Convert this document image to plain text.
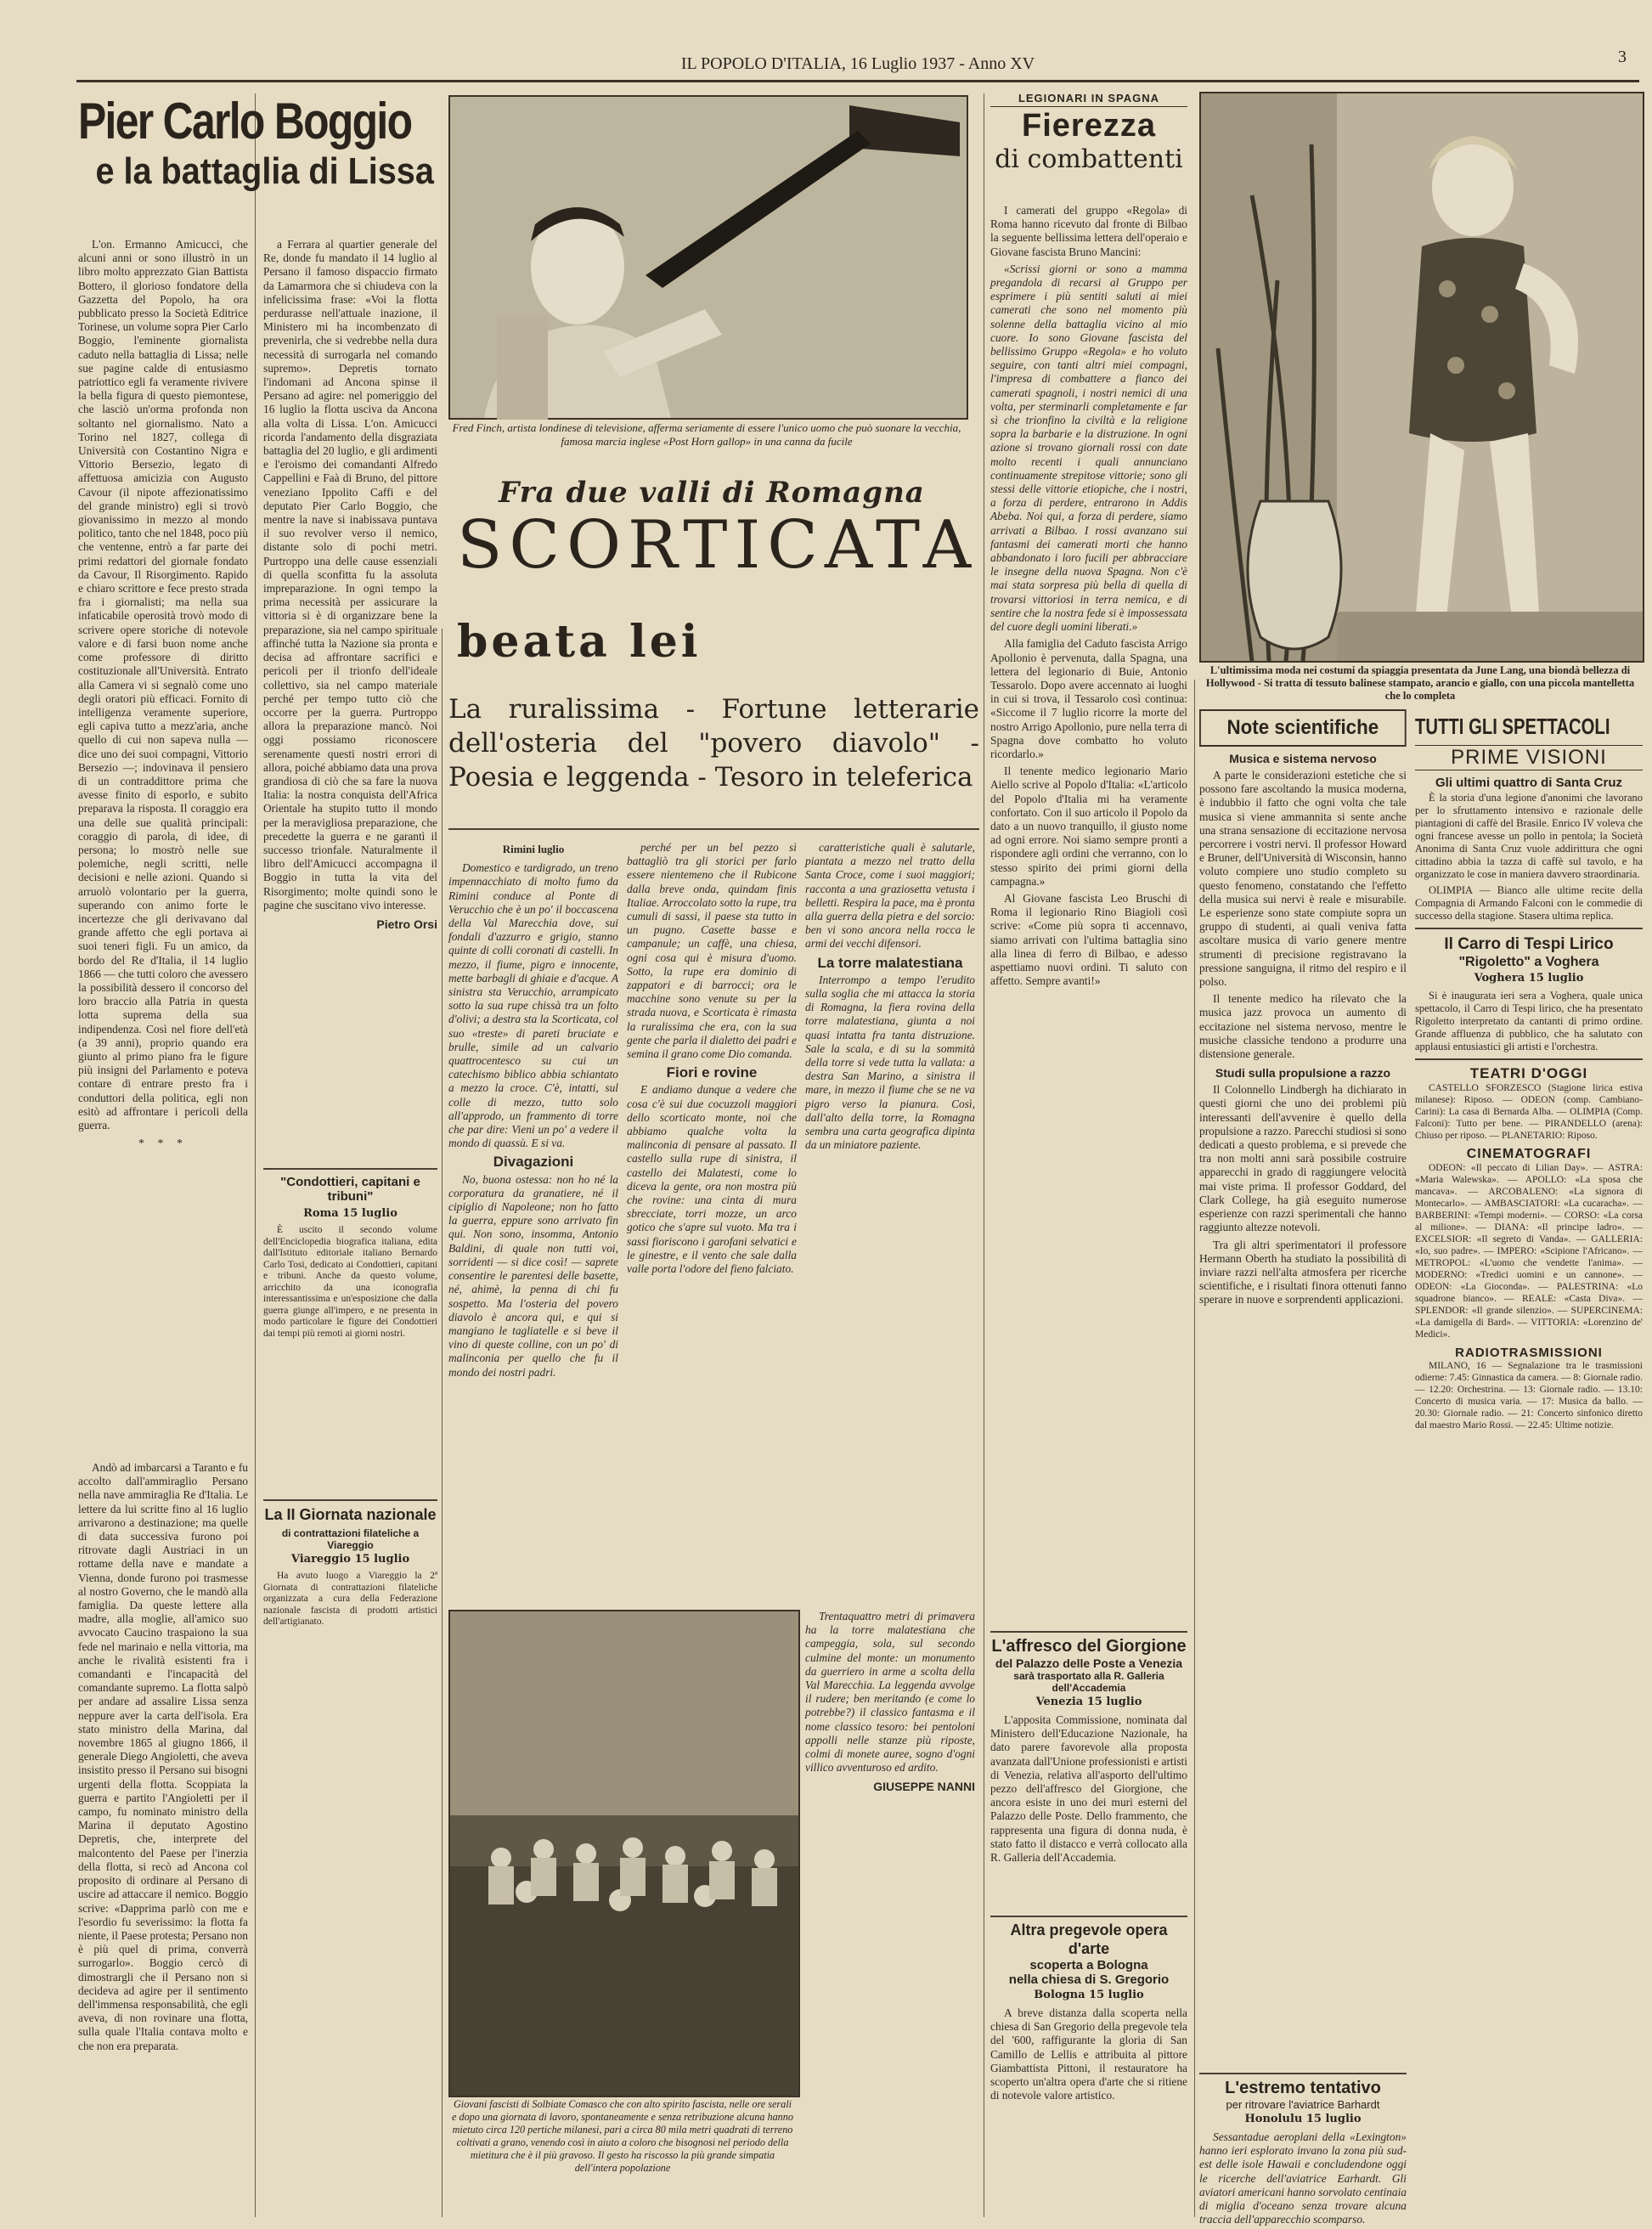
IL POPOLO D'ITALIA, 16 Luglio 1937 - Anno XV	3
Pier Carlo Boggio
e la battaglia di Lissa

L'on. Ermanno Amicucci, che alcuni anni or sono illustrò in un libro molto apprezzato Gian Battista Bottero, il glorioso fondatore della Gazzetta del Popolo, ha ora pubblicato presso la Società Editrice Torinese, un volume sopra Pier Carlo Boggio, l'eminente giornalista caduto nella battaglia di Lissa; nelle sue pagine calde di entusiasmo patriottico egli fa veramente rivivere la bella figura di questo piemontese, che lasciò un'orma profonda non soltanto nel giornalismo. Nato a Torino nel 1827, collega di Università con Costantino Nigra e Vittorio Bersezio, legato di affettuosa amicizia con Augusto Cavour (il nipote affezionatissimo del grande ministro) egli si trovò giovanissimo in mezzo al mondo politico, tanto che nel 1848, poco più che ventenne, entrò a far parte dei primi redattori del giornale fondato da Cavour, Il Risorgimento. Rapido e chiaro scrittore e fece presto strada fra i giornalisti; ma nella sua infaticabile operosità trovò modo di scrivere opere storiche di notevole valore e di farsi buon nome anche come professore di diritto costituzionale all'Università. Entrato alla Camera vi si segnalò come uno degli oratori più efficaci. Fornito di intelligenza veramente superiore, egli capiva tutto a mezz'aria, anche quello di cui non sapeva nulla — dice uno dei suoi compagni, Vittorio Bersezio —; indovinava il pensiero di un contraddittore prima che avesse finito di esporlo, e subito preparava la risposta. Il coraggio era una delle sue qualità principali: coraggio di parola, di idee, di persona; lo mostrò nelle sue polemiche, negli scritti, nelle decisioni e nelle azioni. Quando si arruolò volontario per la guerra, superando con animo forte le incertezze che gli derivavano dal grande affetto che egli portava ai suoi teneri figli. Fu un amico, da bordo del Re d'Italia, il 14 luglio 1866 — che tutti coloro che avessero la possibilità dessero il concorso del loro braccio alla Patria in questa lotta suprema della sua indipendenza. Così nel fiore dell'età (a 39 anni), proprio quando era giunto al primo piano fra le figure più insigni del Parlamento e poteva contare di entrare presto fra i conduttori della politica, egli non esitò ad affrontare i pericoli della guerra.

* * *

Andò ad imbarcarsi a Taranto e fu accolto dall'ammiraglio Persano nella nave ammiraglia Re d'Italia. Le lettere da lui scritte fino al 16 luglio arrivarono a destinazione; ma quelle di data successiva furono poi ritrovate dagli Austriaci in un rottame della nave e mandate a Vienna, donde furono poi trasmesse al nostro Governo, che le mandò alla famiglia. Da queste lettere alla madre, alla moglie, all'amico suo avvocato Caucino traspaiono la sua fede nel marinaio e nella vittoria, ma anche le rivalità esistenti fra i comandanti e l'incapacità del comandante supremo. La flotta salpò per andare ad assalire Lissa senza neppure aver la carta dell'isola. Era stato ministro della Marina, dal novembre 1865 al giugno 1866, il generale Diego Angioletti, che aveva insistito presso il Persano sui bisogni urgenti della flotta. Scoppiata la guerra e partito l'Angioletti per il campo, fu nominato ministro della Marina il deputato Agostino Depretis, che, interprete del malcontento del Paese per l'inerzia della flotta, si recò ad Ancona col proposito di ordinare al Persano di uscire ad attaccare il nemico. Boggio scrive: «Dapprima parlò con me e l'esordio fu severissimo: la flotta fa niente, il Paese protesta; Persano non è più quel di prima, converrà surrogarlo». Boggio cercò di dimostrargli che il Persano non si decideva ad agire per il sentimento dell'immensa responsabilità, che egli aveva, di non rovinare una flotta, sulla quale l'Italia contava molto e che non era preparata.

a Ferrara al quartier generale del Re, donde fu mandato il 14 luglio al Persano il famoso dispaccio firmato da Lamarmora che si chiudeva con la infelicissima frase: «Voi la flotta perdurasse nell'attuale inazione, il Ministero mi ha incombenzato di prevenirla, che si vedrebbe nella dura necessità di surrogarla nel comando supremo». Depretis tornato l'indomani ad Ancona spinse il Persano ad agire: nel pomeriggio del 16 luglio la flotta usciva da Ancona alla volta di Lissa. L'on. Amicucci ricorda l'andamento della disgraziata battaglia del 20 luglio, e gli ardimenti e l'eroismo dei comandanti Alfredo Cappellini e Faà di Bruno, del pittore veneziano Ippolito Caffi e del deputato Pier Carlo Boggio, che mentre la nave si inabissava puntava il suo revolver verso il nemico, distante solo di pochi metri. Purtroppo una delle cause essenziali di quella sconfitta fu la assoluta impreparazione. In ogni tempo la prima necessità per assicurare la vittoria si è di organizzare bene la preparazione, sia nel campo spirituale affinché tutta la Nazione sia pronta e decisa ad affrontare sacrifici e pericoli per il trionfo dell'ideale collettivo, sia nel campo materiale perché per tempo tutto ciò che occorre per la guerra. Purtroppo allora la preparazione mancò. Noi oggi possiamo riconoscere serenamente questi nostri errori di allora, poiché abbiamo data una prova grandiosa di ciò che sa fare la nuova Italia: la nostra conquista dell'Africa Orientale ha stupito tutto il mondo per la meravigliosa preparazione, che precedette la guerra e ne garantì il successo trionfale. Naturalmente il libro dell'Amicucci accompagna il Boggio in tutta la vita del Risorgimento; molte quindi sono le pagine che suscitano vivo interesse.

Pietro Orsi
"Condottieri, capitani e tribuni"
Roma 15 luglio

È uscito il secondo volume dell'Enciclopedia biografica italiana, edita dall'Istituto editoriale italiano Bernardo Carlo Tosi, dedicato ai Condottieri, capitani e tribuni. Anche da questo volume, arricchito da una iconografia interessantissima e un'esposizione che dalla guerra giunge all'impero, e ne presenta in modo particolare le figure dei Condottieri dai tempi più remoti ai giorni nostri.

La II Giornata nazionale
di contrattazioni filateliche a Viareggio
Viareggio 15 luglio

Ha avuto luogo a Viareggio la 2ª Giornata di contrattazioni filateliche organizzata a cura della Federazione nazionale fascista di prodotti artistici dell'artigianato.

Fred Finch, artista londinese di televisione, afferma seriamente di essere l'unico uomo che può suonare la vecchia, famosa marcia inglese «Post Horn gallop» in una canna da fucile
Fra due valli di Romagna
SCORTICATA
beata lei
La ruralissima - Fortune letterarie dell'osteria del "povero diavolo" - Poesia e leggenda - Tesoro in teleferica
Rimini luglio

Domestico e tardigrado, un treno impennacchiato di molto fumo da Rimini conduce al Ponte di Verucchio che è un po' il boccascena della Val Marecchia dove, sui fondali d'azzurro e grigio, stanno quinte di colli coronati di castelli. In mezzo, il fiume, pigro e innocente, mette barbagli di ghiaie e d'acque. A sinistra sta Verucchio, arrampicato sotto la sua rupe chissà tra un folto d'olivi; a destra sta la Scorticata, col suo «treste» di pareti bruciate e brulle, simile ad un calvario quattrocentesco su cui un catechismo biblico abbia schiantato a mezzo la croce. C'è, intatti, sul colle di mezzo, tutto solo all'approdo, un frammento di torre che par dire: Vieni un po' a vedere il mondo di quassù. E si va.

Divagazioni

No, buona ostessa: non ho né la corporatura da granatiere, né il cipiglio di Napoleone; non ho fatto la guerra, eppure sono arrivato fin qui. Non sono, insomma, Antonio Baldini, di quale non tutti voi, sorridenti — si dice così! — saprete consentire le parentesi delle basette, né, ahimè, la penna di chi fu sospetto. Ma l'osteria del povero diavolo è ancora qui, e qui si mangiano le tagliatelle e si beve il vino di queste colline, con un po' di malinconia per quello che fu il mondo dei nostri padri.

perché per un bel pezzo sì battagliò tra gli storici per farlo essere nientemeno che il Rubicone dalla breve onda, quindam finis Italiae. Arroccolato sotto la rupe, tra cumuli di sassi, il paese sta tutto in un pugno. Casette basse e campanule; un caffè, una chiesa, ogni cosa qui è misura d'uomo. Sotto, la rupe era dominio di zappatori e di barrocci; ora le macchine sono venute su per la strada nuova, e Scorticata è rimasta la ruralissima che era, con la sua gente che parla il dialetto dei padri e semina il grano come Dio comanda.

Fiori e rovine

E andiamo dunque a vedere che cosa c'è sui due cocuzzoli maggiori dello scorticato monte, noi che abbiamo qualche volta la malinconia di pensare al passato. Il castello sulla rupe di sinistra, il castello dei Malatesti, come lo diceva la gente, ora non mostra più che rovine: una cinta di mura sbrecciate, torri mozze, un arco gotico che s'apre sul vuoto. Ma tra i sassi fioriscono i garofani selvatici e le ginestre, e il vento che sale dalla valle porta l'odore del fieno falciato.

caratteristiche quali è salutarle, piantata a mezzo nel tratto della Santa Croce, come i suoi maggiori; racconta a una graziosetta vetusta i belletti. Respira la pace, ma è pronta alla guerra della pietra e del sorcio: ben vi sono ancora nella rocca le armi dei vecchi difensori.

La torre malatestiana

Interrompo a tempo l'erudito sulla soglia che mi attacca la storia di Romagna, la fiera rovina della torre malatestiana, giunta a noi quasi intatta fra tanta distruzione. Sale la scala, e di su la sommità della torre si vede tutta la vallata: a destra San Marino, a sinistra il mare, in mezzo il fiume che se ne va pigro verso la pianura. Così, dall'alto della torre, la Romagna sembra una carta geografica dipinta da un miniatore paziente.

Giovani fascisti di Solbiate Comasco che con alto spirito fascista, nelle ore serali e dopo una giornata di lavoro, spontaneamente e senza retribuzione alcuna hanno mietuto circa 120 pertiche milanesi, pari a circa 80 mila metri quadrati di terreno coltivati a grano, venendo così in aiuto a coloro che bisognosi nel periodo della mietitura che è il più gravoso. Il gesto ha riscosso la più grande simpatia dell'intera popolazione

Trentaquattro metri di primavera ha la torre malatestiana che campeggia, sola, sul secondo culmine del monte: un monumento da guerriero in arme a scolta della Val Marecchia. La leggenda avvolge il rudere; ben meritando (e come lo potrebbe?) il classico fantasma e il nome classico tesoro: bei pentoloni appolli nelle stanze più riposte, colmi di monete auree, sogno d'ogni villico avventuroso ed ardito.

GIUSEPPE NANNI
LEGIONARI IN SPAGNA
Fierezza
di combattenti

I camerati del gruppo «Regola» di Roma hanno ricevuto dal fronte di Bilbao la seguente bellissima lettera dell'operaio e Giovane fascista Bruno Mancini:

«Scrissi giorni or sono a mamma pregandola di recarsi al Gruppo per esprimere i più sentiti saluti ai miei camerati che sono nel momento più solenne della battaglia vicino al mio cuore. Io sono Giovane fascista del bellissimo Gruppo «Regola» e ho voluto seguire, con tanti altri miei compagni, l'impresa di combattere a fianco dei camerati spagnoli, i nostri nemici di una volta, per sterminarli completamente e far sì che trionfino la civiltà e la religione sopra la barbarie e la distruzione. In ogni azione si trovano giornali rossi con date molto recenti i quali annunciano continuamente strepitose vittorie; sono gli stessi delle vittorie etiopiche, che i nostri, a forza di perdere, entrarono in Addis Abeba. Noi qui, a forza di perdere, siamo arrivati a Bilbao. I rossi avanzano sui fantasmi dei camerati morti che hanno abbandonato i loro fucili per abbracciare le insegne della nuova Spagna. Non c'è mai stata sorpresa più bella di quella di trovarsi vittoriosi in terra nemica, e di sentire che la nostra fede si è impossessata del cuore degli uomini liberati.»

Alla famiglia del Caduto fascista Arrigo Apollonio è pervenuta, dalla Spagna, una lettera del legionario di Buie, Antonio Tessarolo. Dopo avere accennato ai luoghi in cui si trova, il Tessarolo così continua: «Siccome il 7 luglio ricorre la morte del nostro Arrigo Apollonio, pure nella terra di Spagna dove combatto ho voluto ricordarlo.»

Il tenente medico legionario Mario Aiello scrive al Popolo d'Italia: «L'articolo del Popolo d'Italia mi ha veramente confortato. Con il suo articolo il Popolo da dato a un nuovo tranquillo, il giusto nome ad ogni errore. Noi siamo sempre pronti a rispondere agli ordini che verranno, con lo stesso spirito dei primi giorni della campagna.»

Al Giovane fascista Leo Bruschi di Roma il legionario Rino Biagioli così scrive: «Come più sopra ti accennavo, siamo arrivati con l'ultima battaglia sino alla linea di ferro di Bilbao, e adesso aspettiamo nuovi ordini. Ti saluto con affetto. Sempre avanti!»

L'affresco del Giorgione
del Palazzo delle Poste a Venezia
sarà trasportato alla R. Galleria dell'Accademia
Venezia 15 luglio

L'apposita Commissione, nominata dal Ministero dell'Educazione Nazionale, ha dato parere favorevole alla proposta avanzata dall'Unione professionisti e artisti di Venezia, relativa all'asporto dell'ultimo pezzo dell'affresco del Giorgione, che ancora esiste in uno dei muri esterni del Palazzo delle Poste. Dello frammento, che rappresenta una figura di donna nuda, è stato fatto il distacco e verrà collocato alla R. Galleria dell'Accademia.

Altra pregevole opera d'arte
scoperta a Bologna
nella chiesa di S. Gregorio
Bologna 15 luglio

A breve distanza dalla scoperta nella chiesa di San Gregorio della pregevole tela del '600, raffigurante la gloria di San Camillo de Lellis e attribuita al pittore Giambattista Pittoni, il restauratore ha scoperto un'altra opera d'arte che si ritiene di notevole valore artistico.

L'ultimissima moda nei costumi da spiaggia presentata da June Lang, una biondà bellezza di Hollywood - Si tratta di tessuto balinese stampato, arancio e giallo, con una piccola mantelletta che lo completa
Note scientifiche
Musica e sistema nervoso

A parte le considerazioni estetiche che si possono fare ascoltando la musica moderna, è indubbio il fatto che ogni volta che tale musica si viene ammannita si sente anche una strana sensazione di eccitazione nervosa percorrere i vostri nervi. Il professor Howard e Bruner, dell'Università di Wisconsin, hanno voluto compiere uno studio completo su questo fenomeno, constatando che l'effetto della musica sui nervi è reale e misurabile. Le esperienze sono state compiute sopra un gruppo di studenti, ai quali veniva fatta ascoltare musica di vario genere mentre strumenti di precisione registravano la pressione sanguigna, il ritmo del respiro e il polso.

Il tenente medico ha rilevato che la musica jazz provoca un aumento di eccitazione nel sistema nervoso, mentre le musiche classiche tendono a produrre una distensione generale.

Studi sulla propulsione a razzo

Il Colonnello Lindbergh ha dichiarato in questi giorni che uno dei problemi più interessanti dell'avvenire è quello della propulsione a razzo. Parecchi studiosi si sono dedicati a questo problema, e si prevede che tra non molti anni sarà possibile costruire apparecchi in grado di raggiungere velocità mai viste prima. Il professor Goddard, del Clark College, ha già eseguito numerose esperienze con razzi sperimentali che hanno raggiunto altezze notevoli.

Tra gli altri sperimentatori il professore Hermann Oberth ha studiato la possibilità di inviare razzi nell'alta atmosfera per ricerche scientifiche, e i risultati finora ottenuti fanno sperare in nuove e sorprendenti applicazioni.

L'estremo tentativo
per ritrovare l'aviatrice Barhardt
Honolulu 15 luglio

Sessantadue aeroplani della «Lexington» hanno ieri esplorato invano la zona più sud-est delle isole Hawaii e concludendone oggi le ricerche dell'aviatrice Earhardt. Gli aviatori americani hanno sorvolato centinaia di miglia d'oceano senza trovare alcuna traccia dell'apparecchio scomparso.

TUTTI GLI SPETTACOLI
PRIME VISIONI
Gli ultimi quattro di Santa Cruz

È la storia d'una legione d'anonimi che lavorano per lo sfruttamento intensivo e razionale delle piantagioni di caffè del Brasile. Enrico IV voleva che ogni francese avesse un pollo in pentola; la Società Anonima di Santa Cruz vuole addirittura che ogni cittadino abbia la tazza di caffè sul tavolo, e ha organizzato le cose in maniera davvero straordinaria.

OLIMPIA — Bianco alle ultime recite della Compagnia di Armando Falconi con le commedie di successo della stagione. Stasera ultima replica.

Il Carro di Tespi Lirico
"Rigoletto" a Voghera
Voghera 15 luglio

Si è inaugurata ieri sera a Voghera, quale unica spettacolo, il Carro di Tespi lirico, che ha presentato Rigoletto interpretato da cantanti di primo ordine. Grande affluenza di pubblico, che ha salutato con applausi entusiastici gli artisti e l'orchestra.

TEATRI D'OGGI

CASTELLO SFORZESCO (Stagione lirica estiva milanese): Riposo. — ODEON (comp. Cambiano-Carini): La casa di Bernarda Alba. — OLIMPIA (Comp. Falconi): Tutto per bene. — PIRANDELLO (arena): Chiuso per riposo. — PLANETARIO: Riposo.

CINEMATOGRAFI

ODEON: «Il peccato di Lilian Day». — ASTRA: «Maria Walewska». — APOLLO: «La sposa che mancava». — ARCOBALENO: «La signora di Montecarlo». — AMBASCIATORI: «La cucaracha». — BARBERINI: «Tempi moderni». — CORSO: «La corsa al milione». — DIANA: «Il principe ladro». — EXCELSIOR: «Il segreto di Vanda». — GALLERIA: «Io, suo padre». — IMPERO: «Scipione l'Africano». — METROPOL: «L'uomo che vendette l'anima». — MODERNO: «Tredici uomini e un cannone». — ODEON: «La Gioconda». — PALESTRINA: «Lo squadrone bianco». — REALE: «Casta Diva». — SPLENDOR: «Il grande silenzio». — SUPERCINEMA: «La damigella di Bard». — VITTORIA: «Lorenzino de' Medici».

RADIOTRASMISSIONI

MILANO, 16 — Segnalazione tra le trasmissioni odierne: 7.45: Ginnastica da camera. — 8: Giornale radio. — 12.20: Orchestrina. — 13: Giornale radio. — 13.10: Concerto di musica varia. — 17: Musica da ballo. — 20.30: Giornale radio. — 21: Concerto sinfonico diretto dal maestro Mario Rossi. — 22.45: Ultime notizie.
